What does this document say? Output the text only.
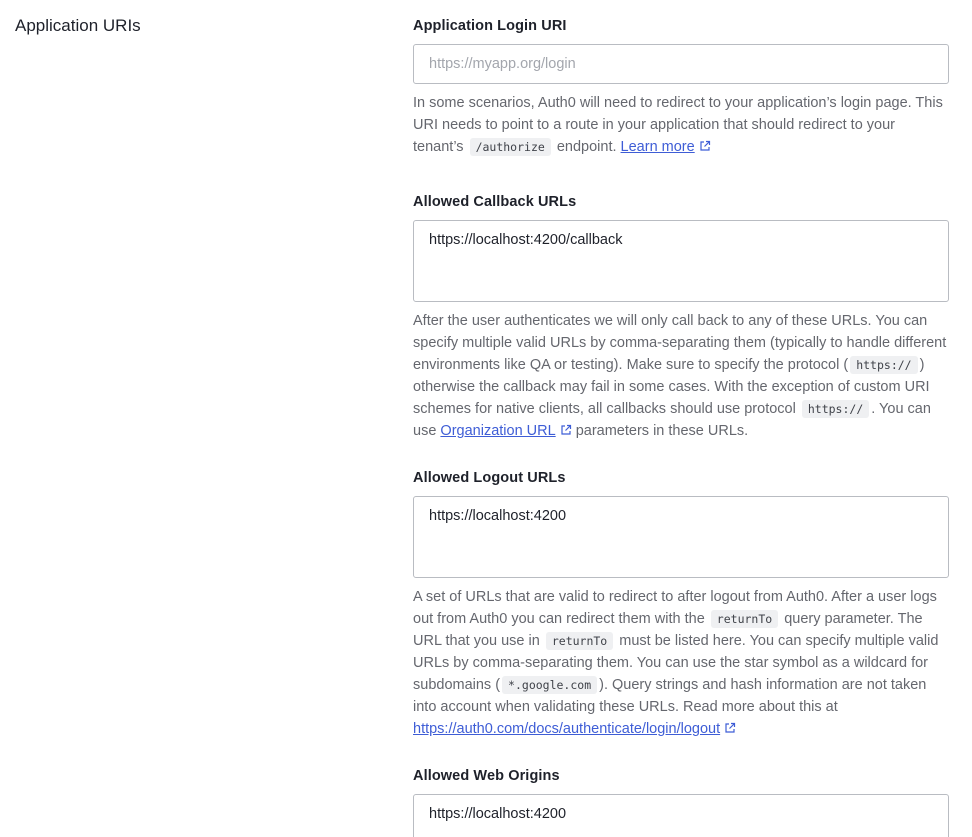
Application URIs	Application Login URI
https://myapp.org/login
In some scenarios, Auth0 will need to redirect to your application’s login page. This URI needs to point to a route in your application that should redirect to your tenant’s /authorize endpoint. Learn more
Allowed Callback URLs
https://localhost:4200/callback
After the user authenticates we will only call back to any of these URLs. You can specify multiple valid URLs by comma-separating them (typically to handle different environments like QA or testing). Make sure to specify the protocol ( https:// ) otherwise the callback may fail in some cases. With the exception of custom URI schemes for native clients, all callbacks should use protocol https:// . You can use Organization URL parameters in these URLs.
Allowed Logout URLs
https://localhost:4200
A set of URLs that are valid to redirect to after logout from Auth0. After a user logs out from Auth0 you can redirect them with the returnTo query parameter. The URL that you use in returnTo must be listed here. You can specify multiple valid URLs by comma-separating them. You can use the star symbol as a wildcard for subdomains ( *.google.com ). Query strings and hash information are not taken into account when validating these URLs. Read more about this at https://auth0.com/docs/authenticate/login/logout
Allowed Web Origins
https://localhost:4200
